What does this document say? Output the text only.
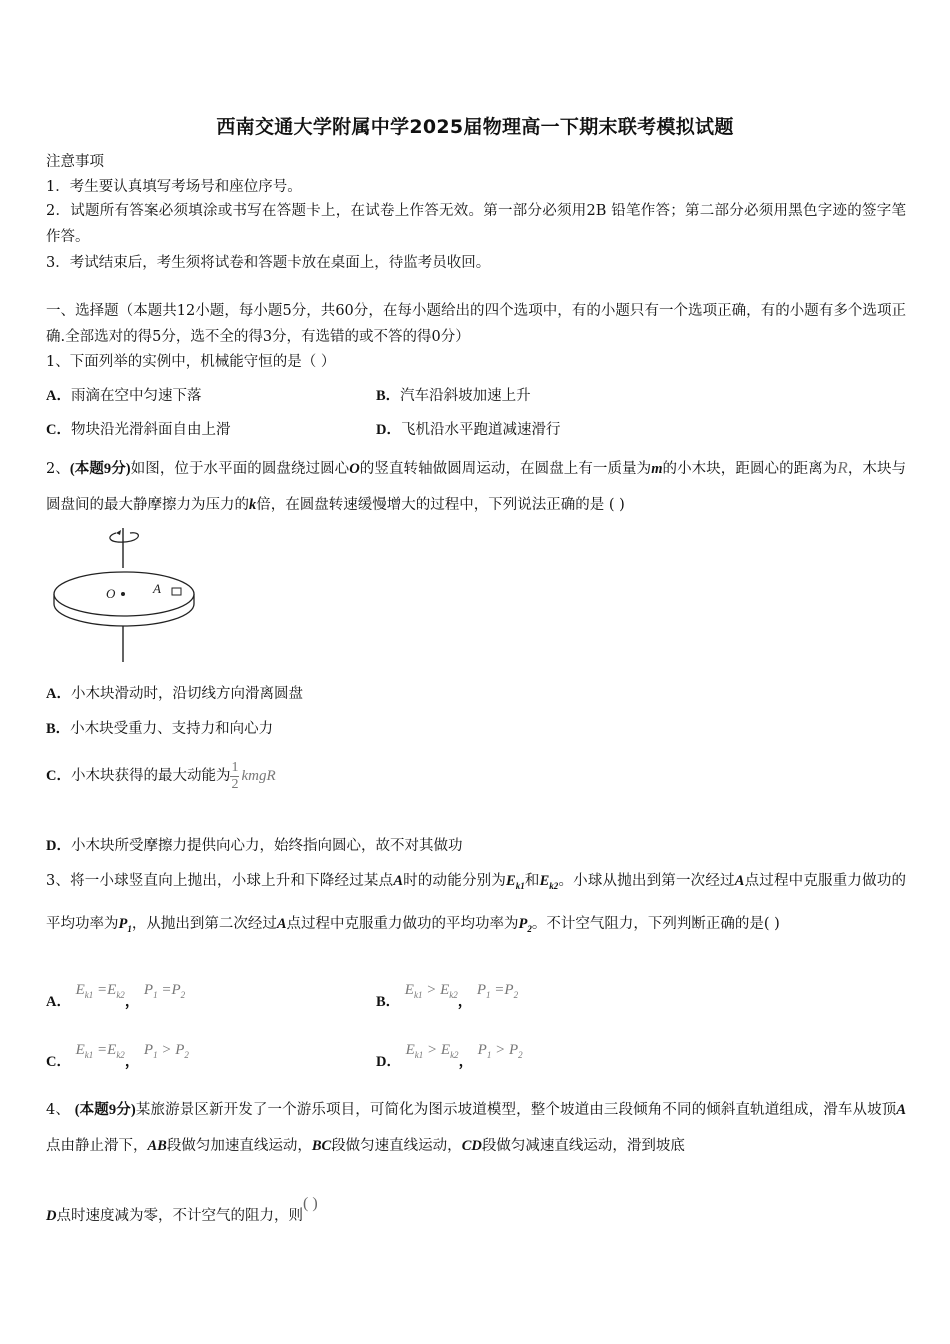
西南交通大学附属中学2025届物理高一下期末联考模拟试题
注意事项
1．考生要认真填写考场号和座位序号。
2．试题所有答案必须填涂或书写在答题卡上，在试卷上作答无效。第一部分必须用2B 铅笔作答；第二部分必须用黑色字迹的签字笔作答。
3．考试结束后，考生须将试卷和答题卡放在桌面上，待监考员收回。
一、选择题（本题共12小题，每小题5分，共60分，在每小题给出的四个选项中，有的小题只有一个选项正确，有的小题有多个选项正确.全部选对的得5分，选不全的得3分，有选错的或不答的得0分）
1、下面列举的实例中，机械能守恒的是（ ）
A．雨滴在空中匀速下落	B．汽车沿斜坡加速上升
C．物块沿光滑斜面自由上滑	D．飞机沿水平跑道减速滑行
2、(本题9分)如图，位于水平面的圆盘绕过圆心O的竖直转轴做圆周运动，在圆盘上有一质量为m的小木块，距圆心的距离为R，木块与圆盘间的最大静摩擦力为压力的k倍，在圆盘转速缓慢增大的过程中，下列说法正确的是 ( )
O	A
A．小木块滑动时，沿切线方向滑离圆盘
B．小木块受重力、支持力和向心力
C．小木块获得的最大动能为 $\frac{1}{2}$ kmgR
D．小木块所受摩擦力提供向心力，始终指向圆心，故不对其做功
3、将一小球竖直向上抛出，小球上升和下降经过某点A时的动能分别为$E_{k1}$和$E_{k2}$。小球从抛出到第一次经过A点过程中克服重力做功的平均功率为$P_1$，从抛出到第二次经过A点过程中克服重力做功的平均功率为$P_2$。不计空气阻力，下列判断正确的是( )
A． $E_{k1} =E_{k2}$， $P_1 =P_2$	B． $E_{k1} > E_{k2}$， $P_1 =P_2$
C． $E_{k1} =E_{k2}$， $P_1 > P_2$	D． $E_{k1} > E_{k2}$， $P_1 > P_2$
4、 (本题9分)某旅游景区新开发了一个游乐项目，可简化为图示坡道模型，整个坡道由三段倾角不同的倾斜直轨道组成，滑车从坡顶A点由静止滑下，AB段做匀加速直线运动，BC段做匀速直线运动，CD段做匀减速直线运动，滑到坡底
D点时速度减为零，不计空气的阻力，则( )
